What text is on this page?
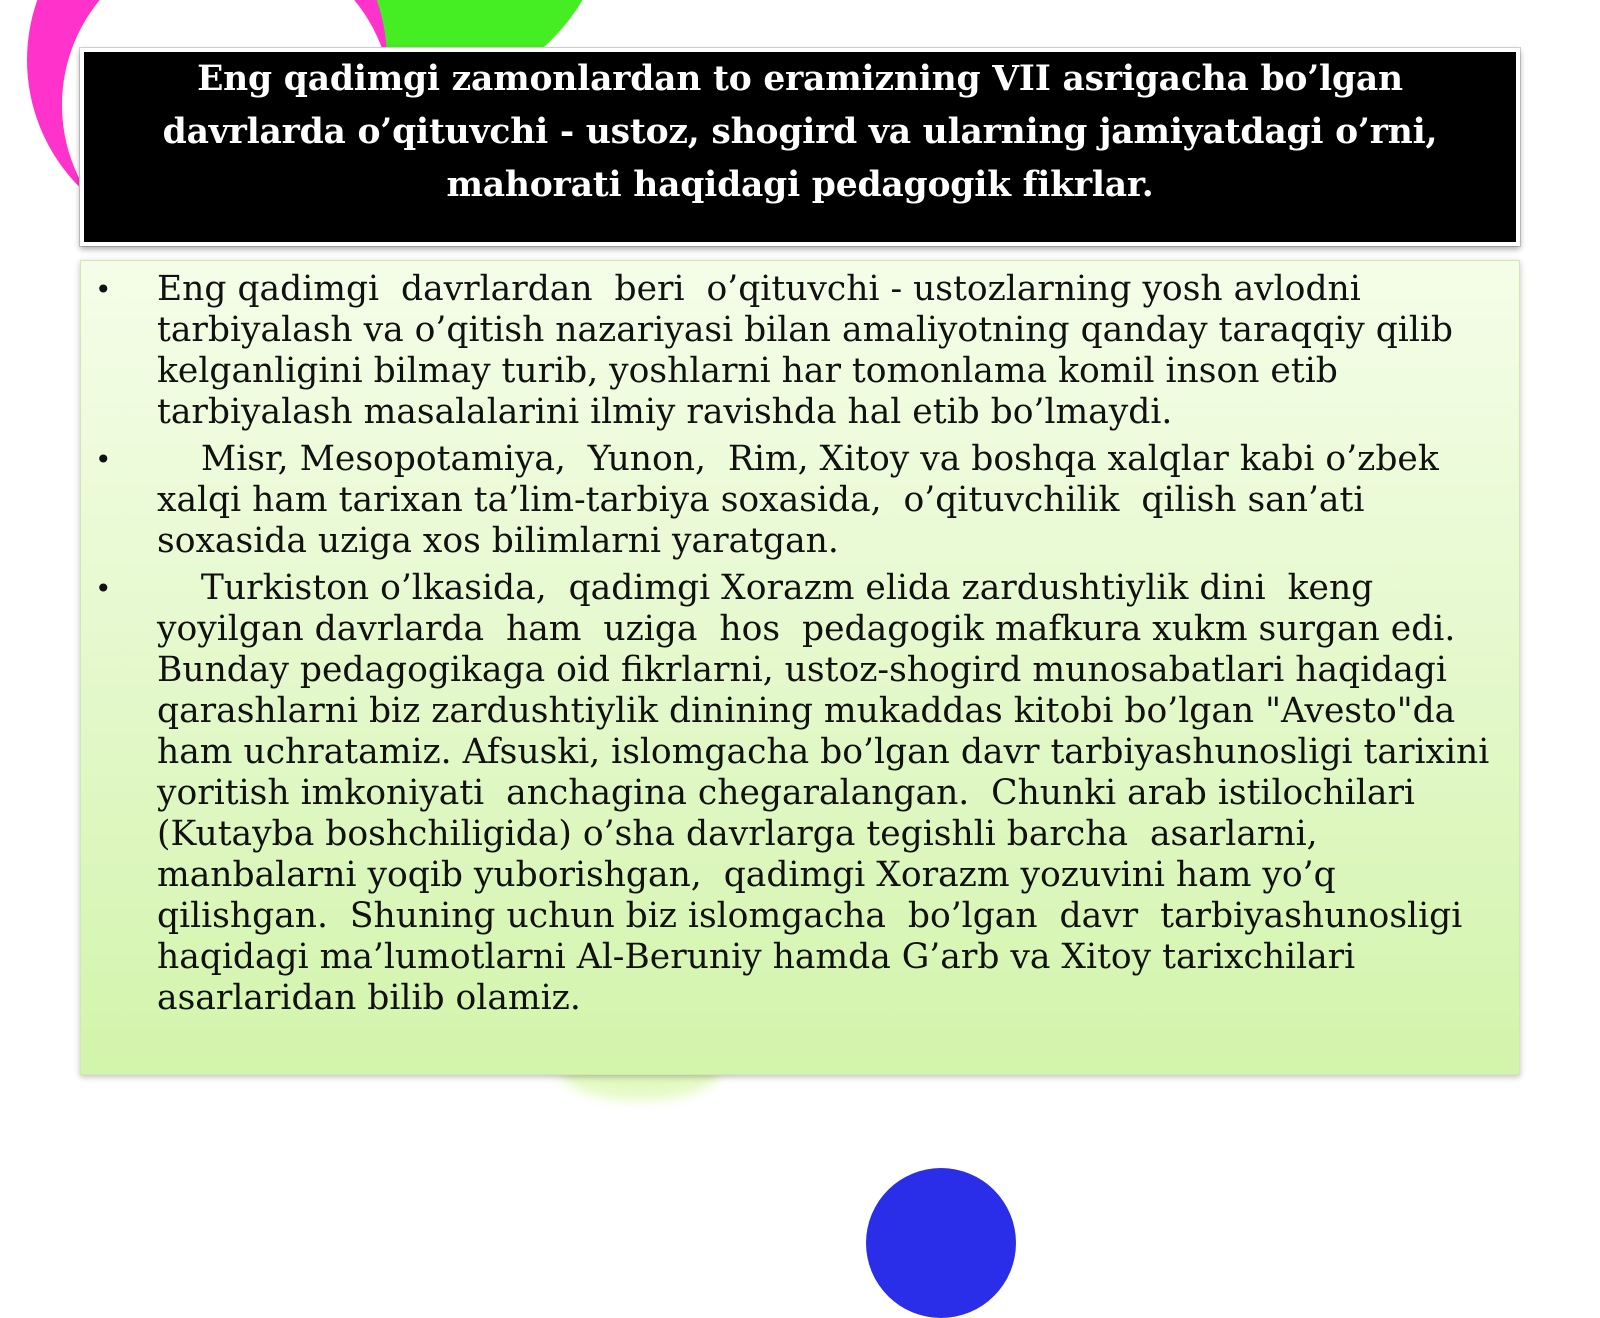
Eng qadimgi zamonlardan to eramizning VII asrigacha bo’lgan davrlarda o’qituvchi - ustoz, shogird va ularning jamiyatdagi o’rni, mahorati haqidagi pedagogik fikrlar.
• Eng qadimgi  davrlardan  beri  o’qituvchi - ustozlarning yosh avlodni tarbiyalash va o’qitish nazariyasi bilan amaliyotning qanday taraqqiy qilib kelganligini bilmay turib, yoshlarni har tomonlama komil inson etib tarbiyalash masalalarini ilmiy ravishda hal etib bo’lmaydi.
• Misr, Mesopotamiya,  Yunon,  Rim, Xitoy va boshqa xalqlar kabi o’zbek xalqi ham tarixan ta’lim-tarbiya soxasida,  o’qituvchilik  qilish san’ati soxasida uziga xos bilimlarni yaratgan.
• Turkiston o’lkasida,  qadimgi Xorazm elida zardushtiylik dini  keng yoyilgan davrlarda  ham  uziga  hos  pedagogik mafkura xukm surgan edi. Bunday pedagogikaga oid fikrlarni, ustoz-shogird munosabatlari haqidagi qarashlarni biz zardushtiylik dinining mukaddas kitobi bo’lgan "Avesto"da ham uchratamiz. Afsuski, islomgacha bo’lgan davr tarbiyashunosligi tarixini yoritish imkoniyati  anchagina chegaralangan.  Chunki arab istilochilari (Kutayba boshchiligida) o’sha davrlarga tegishli barcha  asarlarni,  manbalarni yoqib yuborishgan,  qadimgi Xorazm yozuvini ham yo’q qilishgan.  Shuning uchun biz islomgacha  bo’lgan  davr  tarbiyashunosligi  haqidagi ma’lumotlarni Al-Beruniy hamda G’arb va Xitoy tarixchilari asarlaridan bilib olamiz.
